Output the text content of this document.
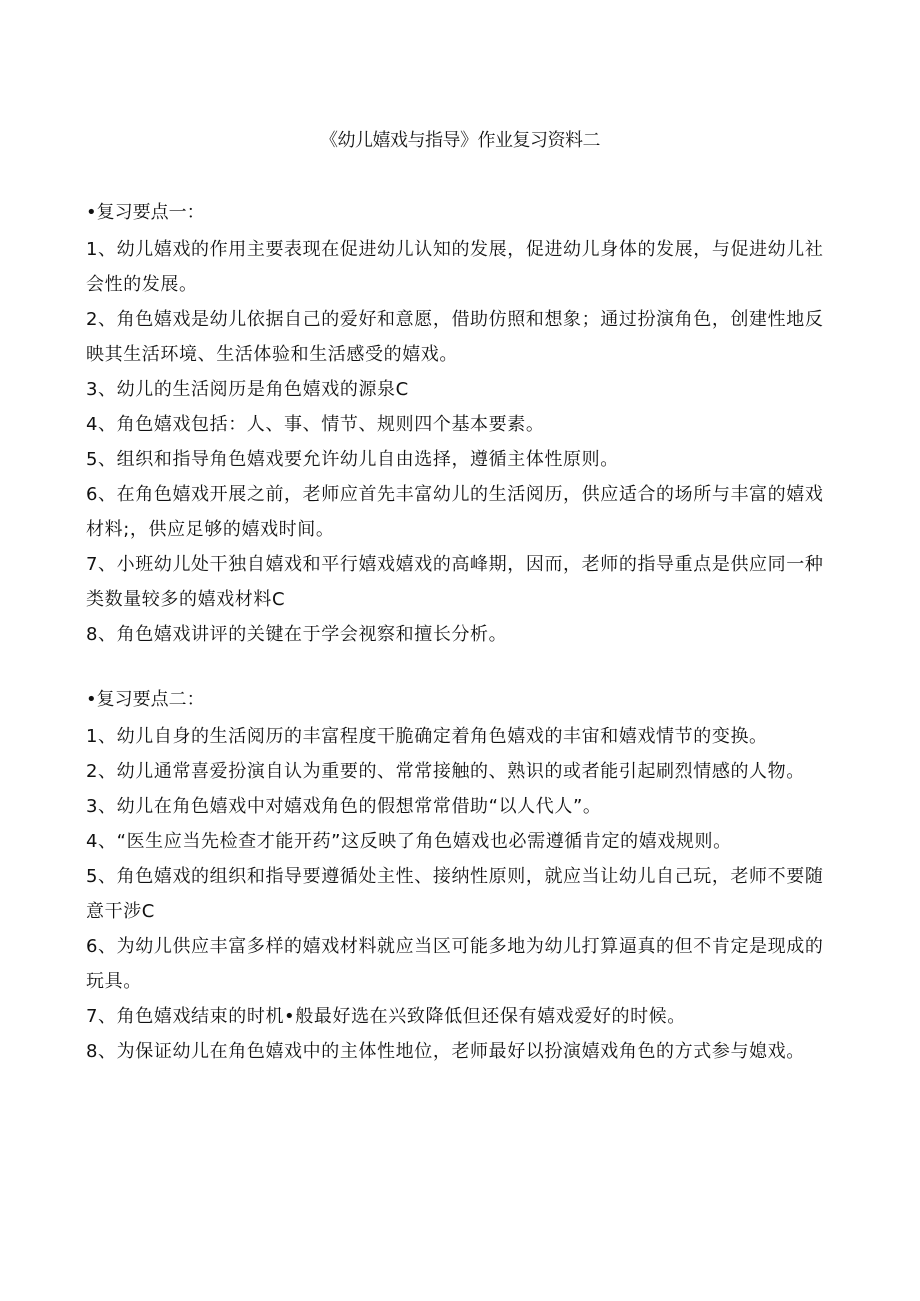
《幼儿嬉戏与指导》作业复习资料二
•复习要点一：

1、幼儿嬉戏的作用主要表现在促进幼儿认知的发展，促进幼儿身体的发展，与促进幼儿社会性的发展。

2、角色嬉戏是幼儿依据自己的爱好和意愿，借助仿照和想象；通过扮演角色，创建性地反映其生活环境、生活体验和生活感受的嬉戏。

3、幼儿的生活阅历是角色嬉戏的源泉C

4、角色嬉戏包括：人、事、情节、规则四个基本要素。

5、组织和指导角色嬉戏要允许幼儿自由选择，遵循主体性原则。

6、在角色嬉戏开展之前，老师应首先丰富幼儿的生活阅历，供应适合的场所与丰富的嬉戏材料;，供应足够的嬉戏时间。

7、小班幼儿处干独自嬉戏和平行嬉戏嬉戏的高峰期，因而，老师的指导重点是供应同一种类数量较多的嬉戏材料C

8、角色嬉戏讲评的关键在于学会视察和擅长分析。

•复习要点二：

1、幼儿自身的生活阅历的丰富程度干脆确定着角色嬉戏的丰宙和嬉戏情节的变换。

2、幼儿通常喜爱扮演自认为重要的、常常接触的、熟识的或者能引起刷烈情感的人物。

3、幼儿在角色嬉戏中对嬉戏角色的假想常常借助“以人代人”。

4、“医生应当先检查才能开药”这反映了角色嬉戏也必需遵循肯定的嬉戏规则。

5、角色嬉戏的组织和指导要遵循处主性、接纳性原则，就应当让幼儿自己玩，老师不要随意干涉C

6、为幼儿供应丰富多样的嬉戏材料就应当区可能多地为幼儿打算逼真的但不肯定是现成的玩具。

7、角色嬉戏结束的时机•般最好选在兴致降低但还保有嬉戏爱好的时候。

8、为保证幼儿在角色嬉戏中的主体性地位，老师最好以扮演嬉戏角色的方式参与媳戏。
